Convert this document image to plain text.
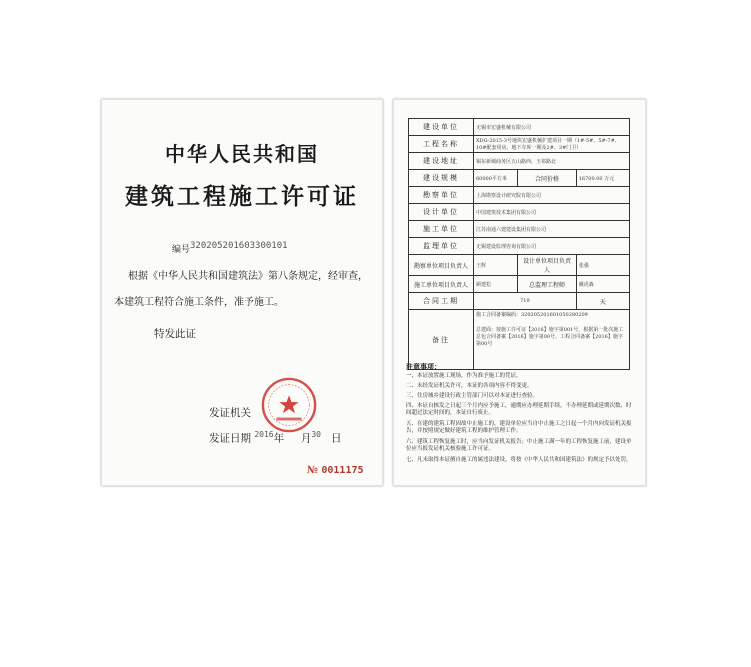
中华人民共和国
建筑工程施工许可证
编号320205201603300101
根据《中华人民共和国建筑法》第八条规定，经审查，
本建筑工程符合施工条件，准予施工。
特发此证
发证机关
发证日期 $^{2016}$年 月$^{30}$ 日
№ 0011175
建设单位	无锡市宏盛机械有限公司		
工程名称	XDG-2015-3号地块宏盛机械扩建项目一期（1#-5#、5#-7#、10#配套用房、地下车库一期及2#、3#门卫）		
建设地址	锡东新城商务区五山路西、玉祁路北		
建设规模	60000平方米	合同价格	16700.00 万元
勘察单位	上海勘察设计研究院有限公司		
设计单位	中国建筑技术集团有限公司		
施工单位	江苏南通六建建设集团有限公司		
监理单位	无锡建设监理咨询有限公司		
勘察单位项目负责人	王辉	设计单位项目负责人	张强
施工单位项目负责人	顾建松	总监理工程师	戴虎森
合同工期	719		天
备注	施工合同备案编码：320205201601050280209
总建面：按施工许可证【2016】施字第001号，根据第一批次施工总包合同备案【2016】施字第00号，工程合同备案【2016】施字第00号		
注意事项：
一、本证放置施工现场，作为准予施工的凭证。
二、未经发证机关许可，本证的各项内容不得变更。
三、住房城乡建设行政主管部门可以对本证进行查验。
四、本证自核发之日起三个月内应予施工，逾期应办理延期手续，不办理延期或延期次数、时间超过法定时间的，本证自行废止。
五、在建的建筑工程因故中止施工的，建设单位应当自中止施工之日起一个月内向发证机关报告，并按照规定做好建筑工程的维护管理工作。
六、建筑工程恢复施工时，应当向发证机关报告；中止施工满一年的工程恢复施工前，建设单位应当报发证机关核验施工许可证。
七、凡未取得本证擅自施工的属违法建设，将按《中华人民共和国建筑法》的规定予以处罚。
